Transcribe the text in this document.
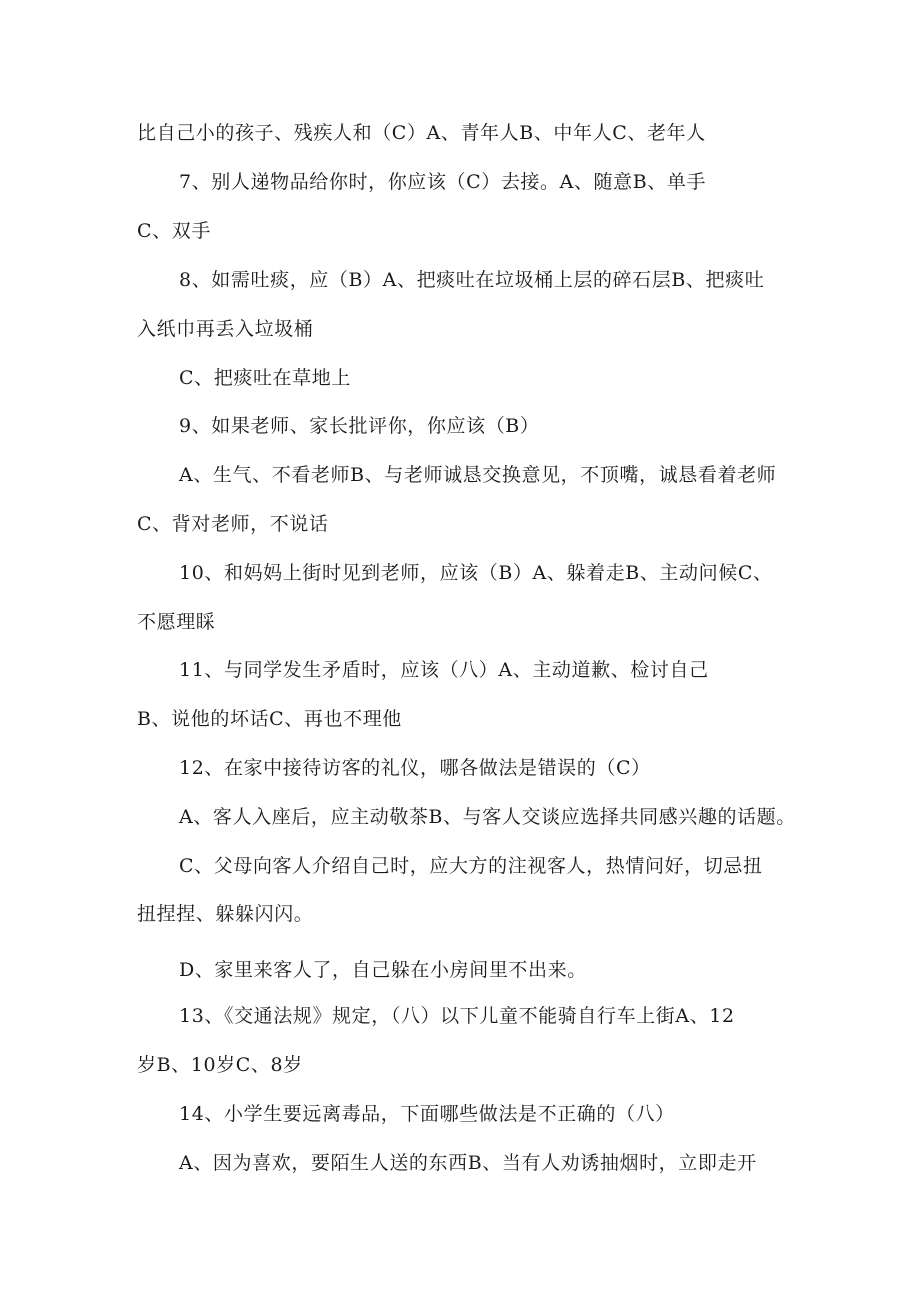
比自己小的孩子、残疾人和（C）A、青年人B、中年人C、老年人
7、别人递物品给你时，你应该（C）去接。A、随意B、单手
C、双手
8、如需吐痰，应（B）A、把痰吐在垃圾桶上层的碎石层B、把痰吐
入纸巾再丢入垃圾桶
C、把痰吐在草地上
9、如果老师、家长批评你，你应该（B）
A、生气、不看老师B、与老师诚恳交换意见，不顶嘴，诚恳看着老师
C、背对老师，不说话
10、和妈妈上街时见到老师，应该（B）A、躲着走B、主动问候C、
不愿理睬
11、与同学发生矛盾时，应该（八）A、主动道歉、检讨自己
B、说他的坏话C、再也不理他
12、在家中接待访客的礼仪，哪各做法是错误的（C）
A、客人入座后，应主动敬茶B、与客人交谈应选择共同感兴趣的话题。
C、父母向客人介绍自己时，应大方的注视客人，热情问好，切忌扭
扭捏捏、躲躲闪闪。
D、家里来客人了，自己躲在小房间里不出来。
13、《交通法规》规定，（八）以下儿童不能骑自行车上街A、12
岁B、10岁C、8岁
14、小学生要远离毒品，下面哪些做法是不正确的（八）
A、因为喜欢，要陌生人送的东西B、当有人劝诱抽烟时，立即走开
